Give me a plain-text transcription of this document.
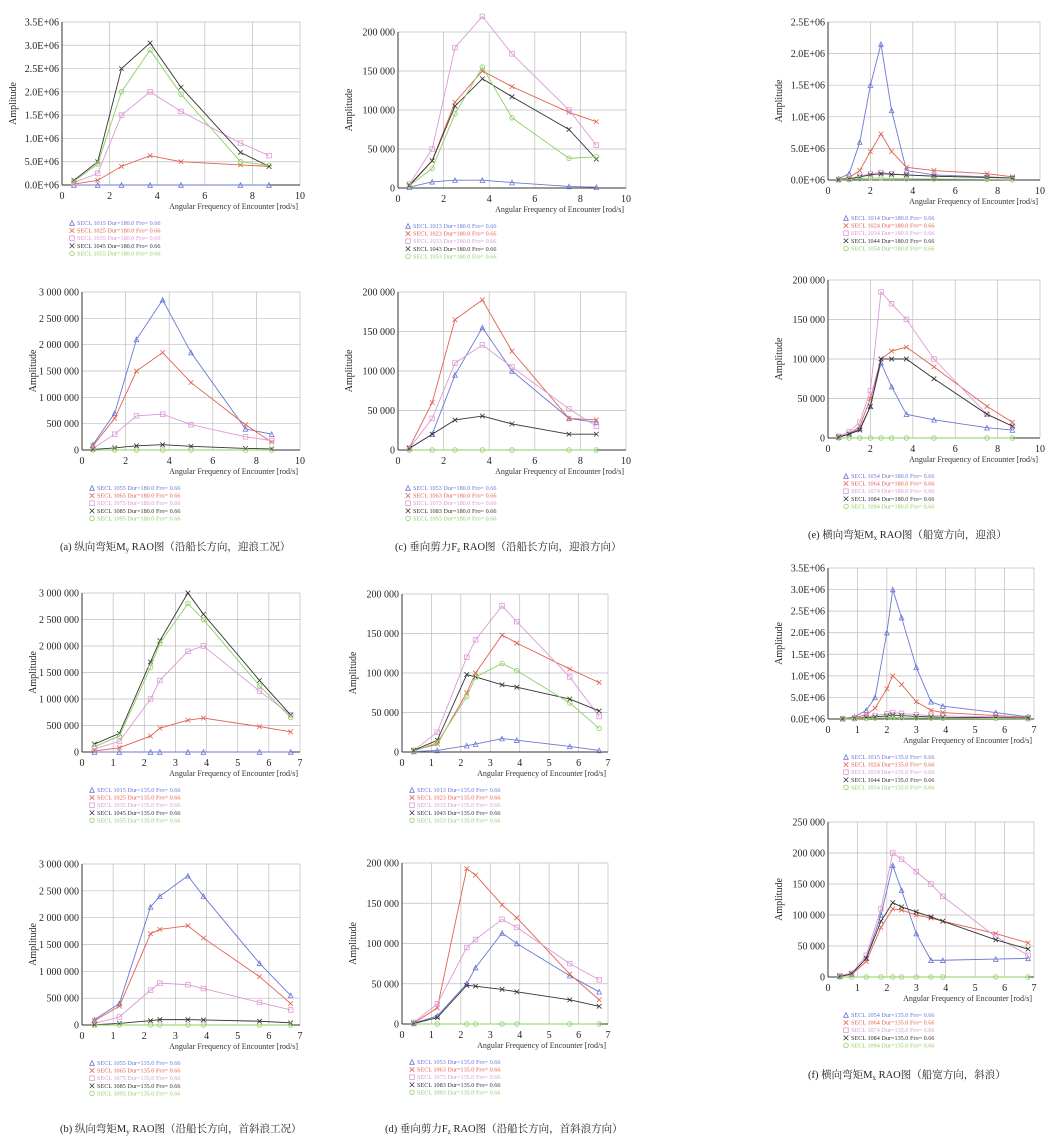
0.0E+06
5.0E+06
1.0E+06
1.5E+06
2.0E+06
2.5E+06
3.0E+06
3.5E+06
0	2	4	6	8	10
Angular Frequency of Encounter [rod/s]
Amplitude
SECL 1015 Dur=180.0 Fro= 0.66
SECL 1025 Dur=180.0 Fro= 0.66
SECL 1035 Dur=180.0 Fro= 0.66
SECL 1045 Dur=180.0 Fro= 0.66
SECL 1055 Dur=180.0 Fro= 0.66
0
500 000
1 000 000
1 500 000
2 000 000
2 500 000
3 000 000
0	2	4	6	8	10
Angular Frequency of Encounter [rod/s]
Amplitude
SECL 1055 Dur=180.0 Fro= 0.66
SECL 1065 Dur=180.0 Fro= 0.66
SECL 1075 Dur=180.0 Fro= 0.66
SECL 1085 Dur=180.0 Fro= 0.66
SECL 1095 Dur=180.0 Fro= 0.66
0
500 000
1 000 000
1 500 000
2 000 000
2 500 000
3 000 000
0	1	2	3	4	5	6	7
Angular Frequency of Encounter [rod/s]
Amplitude
SECL 1015 Dur=135.0 Fro= 0.66
SECL 1025 Dur=135.0 Fro= 0.66
SECL 1035 Dur=135.0 Fro= 0.66
SECL 1045 Dur=135.0 Fro= 0.66
SECL 1055 Dur=135.0 Fro= 0.66
0
500 000
1 000 000
1 500 000
2 000 000
2 500 000
3 000 000
0	1	2	3	4	5	6	7
Angular Frequency of Encounter [rod/s]
Amplitude
SECL 1055 Dur=135.0 Fro= 0.66
SECL 1065 Dur=135.0 Fro= 0.66
SECL 1075 Dur=135.0 Fro= 0.66
SECL 1085 Dur=135.0 Fro= 0.66
SECL 1095 Dur=135.0 Fro= 0.66
0
50 000
100 000
150 000
200 000
0	2	4	6	8	10
Angular Frequency of Encounter [rod/s]
Amplitude
SECL 1013 Dur=180.0 Fro= 0.66
SECL 1023 Dur=180.0 Fro= 0.66
SECL 1033 Dur=180.0 Fro= 0.66
SECL 1043 Dur=180.0 Fro= 0.66
SECL 1053 Dur=180.0 Fro= 0.66
0
50 000
100 000
150 000
200 000
0	2	4	6	8	10
Angular Frequency of Encounter [rod/s]
Amplitude
SECL 1053 Dur=180.0 Fro= 0.66
SECL 1063 Dur=180.0 Fro= 0.66
SECL 1073 Dur=180.0 Fro= 0.66
SECL 1083 Dur=180.0 Fro= 0.66
SECL 1093 Dur=180.0 Fro= 0.66
0
50 000
100 000
150 000
200 000
0 1 2 3 4 5 6 7
Angular Frequency of Encounter [rod/s]
Amplitude
SECL 1013 Dur=135.0 Fro= 0.66
SECL 1023 Dur=135.0 Fro= 0.66
SECL 1033 Dur=135.0 Fro= 0.66
SECL 1043 Dur=135.0 Fro= 0.66
SECL 1053 Dur=135.0 Fro= 0.66
0
50 000
100 000
150 000
200 000
0 1 2 3 4 5 6 7
Angular Frequency of Encounter [rod/s]
Amplitude
SECL 1053 Dur=135.0 Fro= 0.66
SECL 1063 Dur=135.0 Fro= 0.66
SECL 1073 Dur=135.0 Fro= 0.66
SECL 1083 Dur=135.0 Fro= 0.66
SECL 1093 Dur=135.0 Fro= 0.66
0.0E+06
5.0E+06
1.0E+06
1.5E+06
2.0E+06
2.5E+06
0	2	4	6	8	10
Angular Frequency of Encounter [rod/s]
Amplitude
SECL 1014 Dur=180.0 Fro= 0.66
SECL 1024 Dur=180.0 Fro= 0.66
SECL 1034 Dur=180.0 Fro= 0.66
SECL 1044 Dur=180.0 Fro= 0.66
SECL 1054 Dur=180.0 Fro= 0.66
0
50 000
100 000
150 000
200 000
0	2	4	6	8	10
Angular Frequency of Encounter [rod/s]
Amplitude
SECL 1054 Dur=180.0 Fro= 0.66
SECL 1064 Dur=180.0 Fro= 0.66
SECL 1074 Dur=180.0 Fro= 0.66
SECL 1084 Dur=180.0 Fro= 0.66
SECL 1094 Dur=180.0 Fro= 0.66
0.0E+06
5.0E+06
1.0E+06
1.5E+06
2.0E+06
2.5E+06
3.0E+06
3.5E+06
0 1 2 3 4 5 6 7
Angular Frequency of Encounter [rod/s]
Amplitude
SECL 1015 Dur=135.0 Fro= 0.66
SECL 1024 Dur=135.0 Fro= 0.66
SECL 1034 Dur=135.0 Fro= 0.66
SECL 1044 Dur=135.0 Fro= 0.66
SECL 1054 Dur=135.0 Fro= 0.66
0
50 000
100 000
150 000
200 000
250 000
0 1 2 3 4 5 6 7
Angular Frequency of Encounter [rod/s]
Amplitude
SECL 1054 Dur=135.0 Fro= 0.66
SECL 1064 Dur=135.0 Fro= 0.66
SECL 1074 Dur=135.0 Fro= 0.66
SECL 1084 Dur=135.0 Fro= 0.66
SECL 1094 Dur=135.0 Fro= 0.66
(a) 纵向弯矩My RAO图（沿船长方向，迎浪工况）
(b) 纵向弯矩My RAO图（沿船长方向，首斜浪工况）
(c) 垂向剪力Fz RAO图（沿船长方向，迎浪方向）
(d) 垂向剪力Fz RAO图（沿船长方向，首斜浪方向）
(e) 横向弯矩Mx RAO图（船宽方向，迎浪）
(f) 横向弯矩Mx RAO图（船宽方向，斜浪）
